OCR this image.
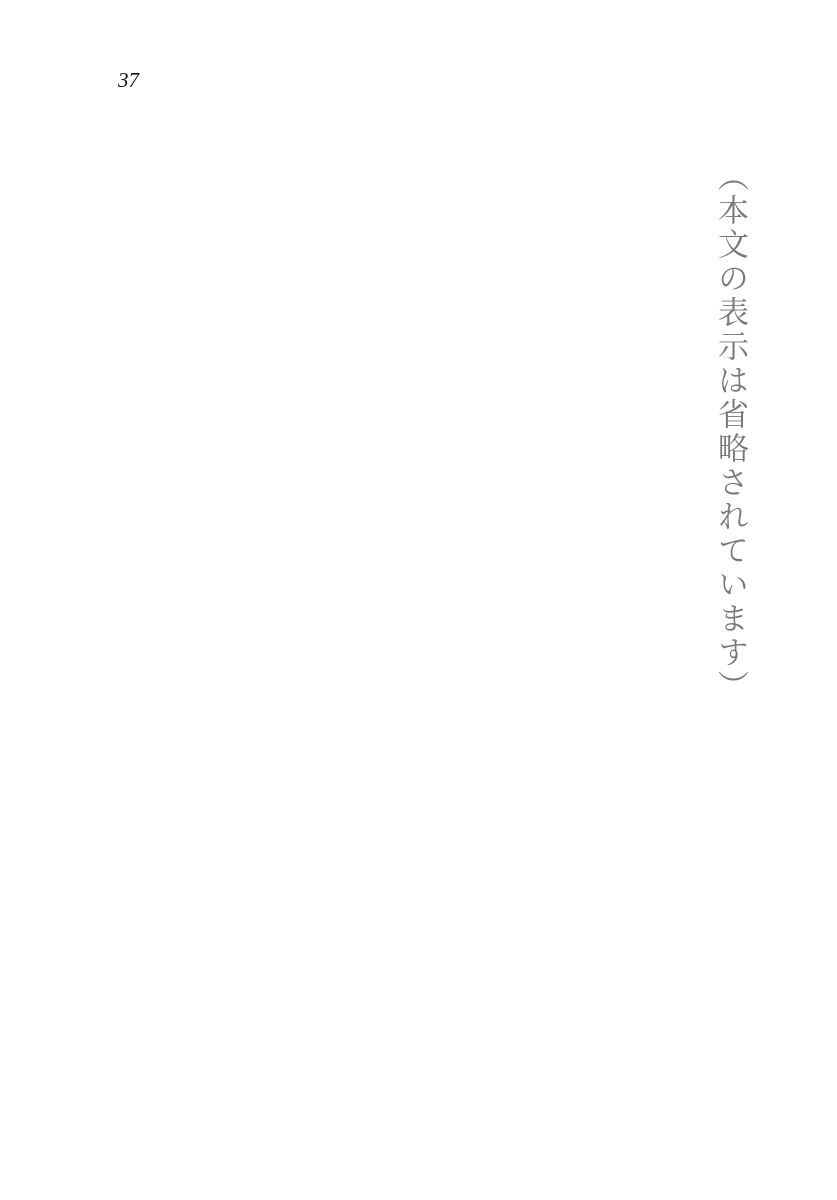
37
（本文の表示は省略されています）
